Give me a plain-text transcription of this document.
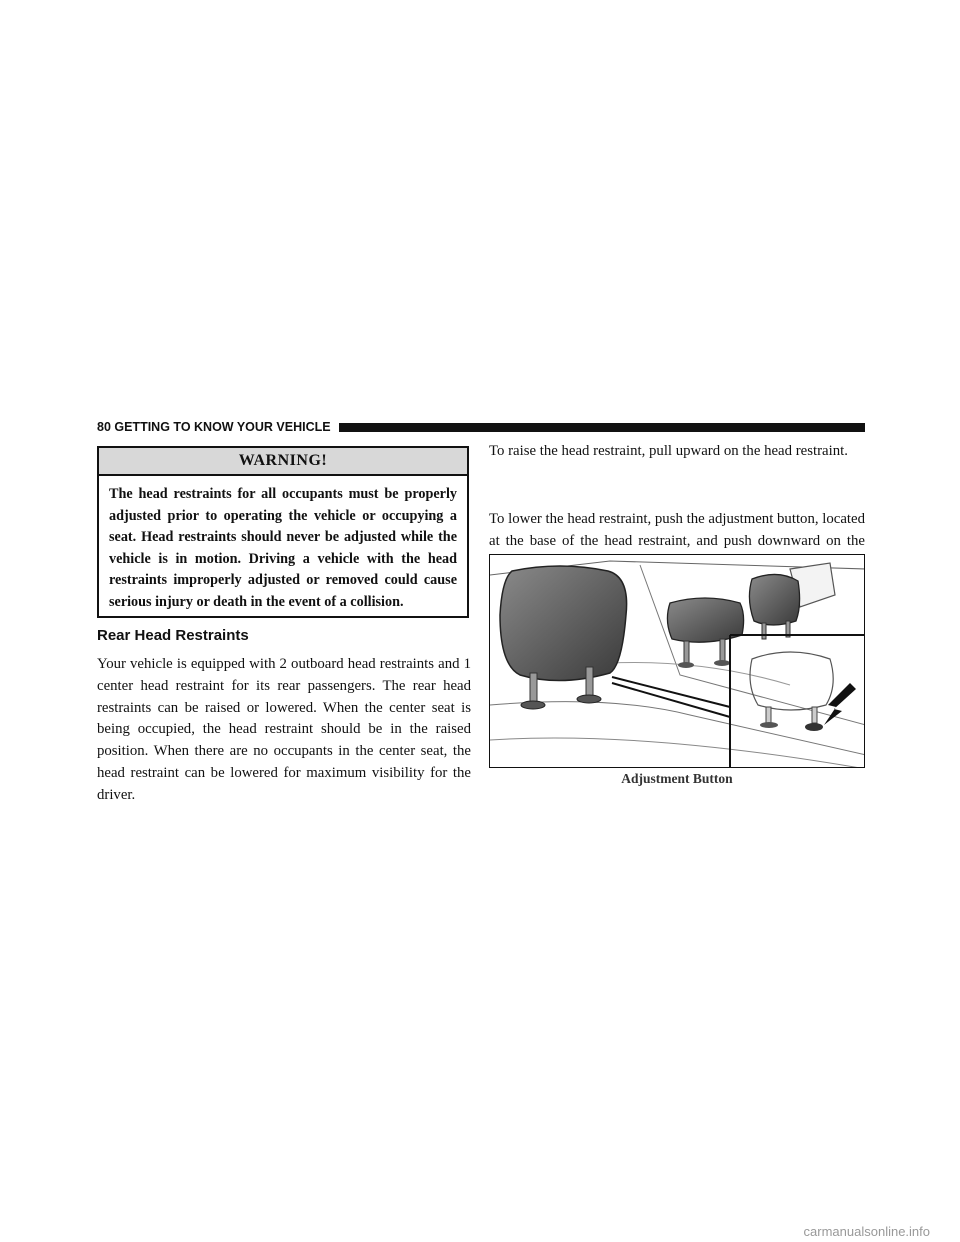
80 GETTING TO KNOW YOUR VEHICLE
WARNING!
The head restraints for all occupants must be properly adjusted prior to operating the vehicle or occupying a seat. Head restraints should never be adjusted while the vehicle is in motion. Driving a vehicle with the head restraints improperly adjusted or removed could cause serious injury or death in the event of a collision.
Rear Head Restraints
Your vehicle is equipped with 2 outboard head restraints and 1 center head restraint for its rear passengers. The rear head restraints can be raised or lowered. When the center seat is being occupied, the head restraint should be in the raised position. When there are no occupants in the center seat, the head restraint can be lowered for maximum visibility for the driver.
To raise the head restraint, pull upward on the head restraint.
To lower the head restraint, push the adjustment button, located at the base of the head restraint, and push downward on the
Adjustment Button
carmanualsonline.info
